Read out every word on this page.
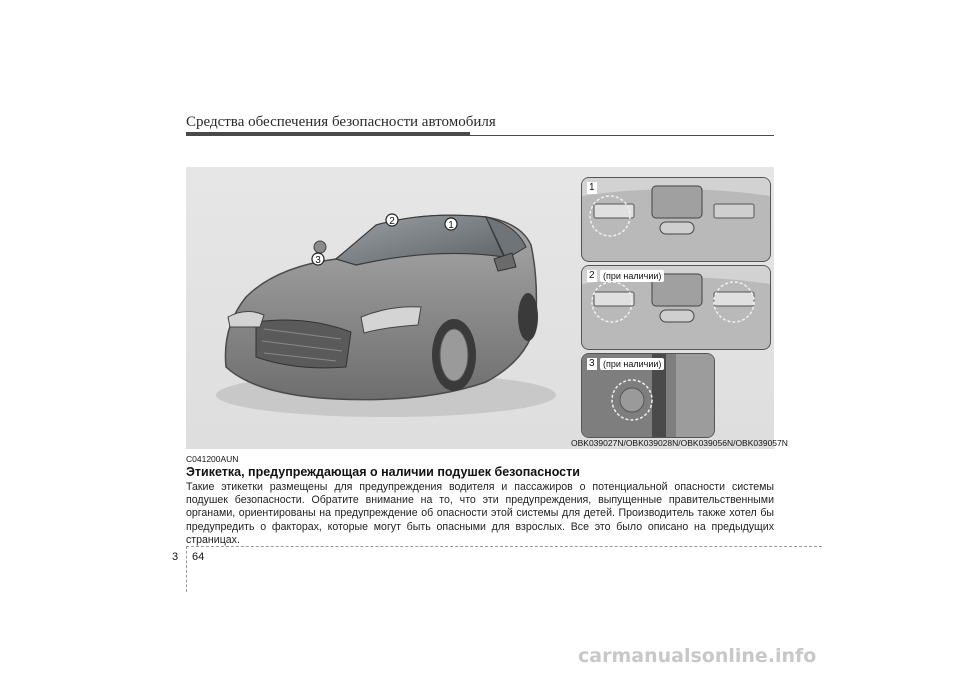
Средства обеспечения безопасности автомобиля
1
2
3
1
2 (при наличии)
3 (при наличии)
OBK039027N/OBK039028N/OBK039056N/OBK039057N
C041200AUN
Этикетка, предупреждающая о наличии подушек безопасности
Такие этикетки размещены для предупреждения водителя и пассажиров о потенциальной опасности системы подушек безопасности. Обратите внимание на то, что эти предупреждения, выпущенные правительственными органами, ориентированы на предупреждение об опасности этой системы для детей. Производитель также хотел бы предупредить о факторах, которые могут быть опасными для взрослых. Все это было описано на предыдущих страницах.
3 64
carmanualsonline.info
